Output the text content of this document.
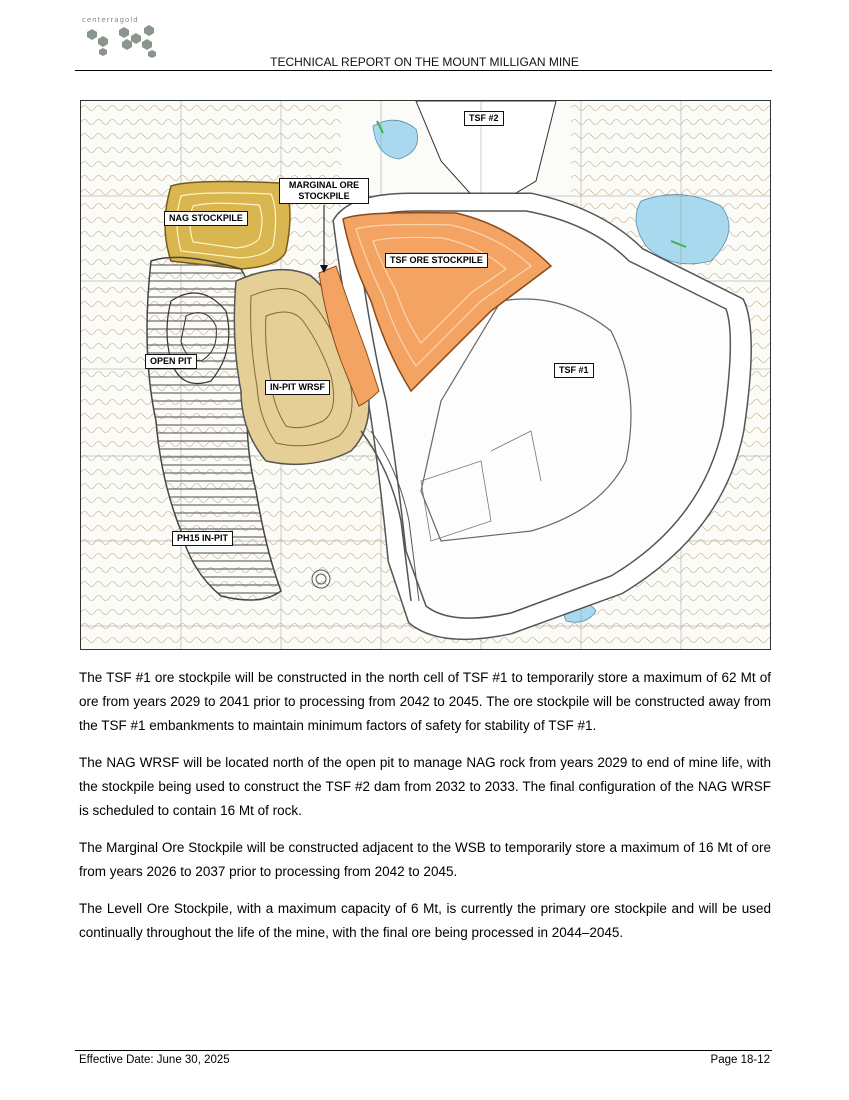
centerragold
TECHNICAL REPORT ON THE MOUNT MILLIGAN MINE
TSF #2
MARGINAL ORE STOCKPILE
NAG STOCKPILE
TSF ORE STOCKPILE
OPEN PIT
IN-PIT WRSF
TSF #1
PH15 IN-PIT

The TSF #1 ore stockpile will be constructed in the north cell of TSF #1 to temporarily store a maximum of 62 Mt of ore from years 2029 to 2041 prior to processing from 2042 to 2045. The ore stockpile will be constructed away from the TSF #1 embankments to maintain minimum factors of safety for stability of TSF #1.

The NAG WRSF will be located north of the open pit to manage NAG rock from years 2029 to end of mine life, with the stockpile being used to construct the TSF #2 dam from 2032 to 2033. The final configuration of the NAG WRSF is scheduled to contain 16 Mt of rock.

The Marginal Ore Stockpile will be constructed adjacent to the WSB to temporarily store a maximum of 16 Mt of ore from years 2026 to 2037 prior to processing from 2042 to 2045.

The Levell Ore Stockpile, with a maximum capacity of 6 Mt, is currently the primary ore stockpile and will be used continually throughout the life of the mine, with the final ore being processed in 2044–2045.

Effective Date: June 30, 2025	Page 18-12
